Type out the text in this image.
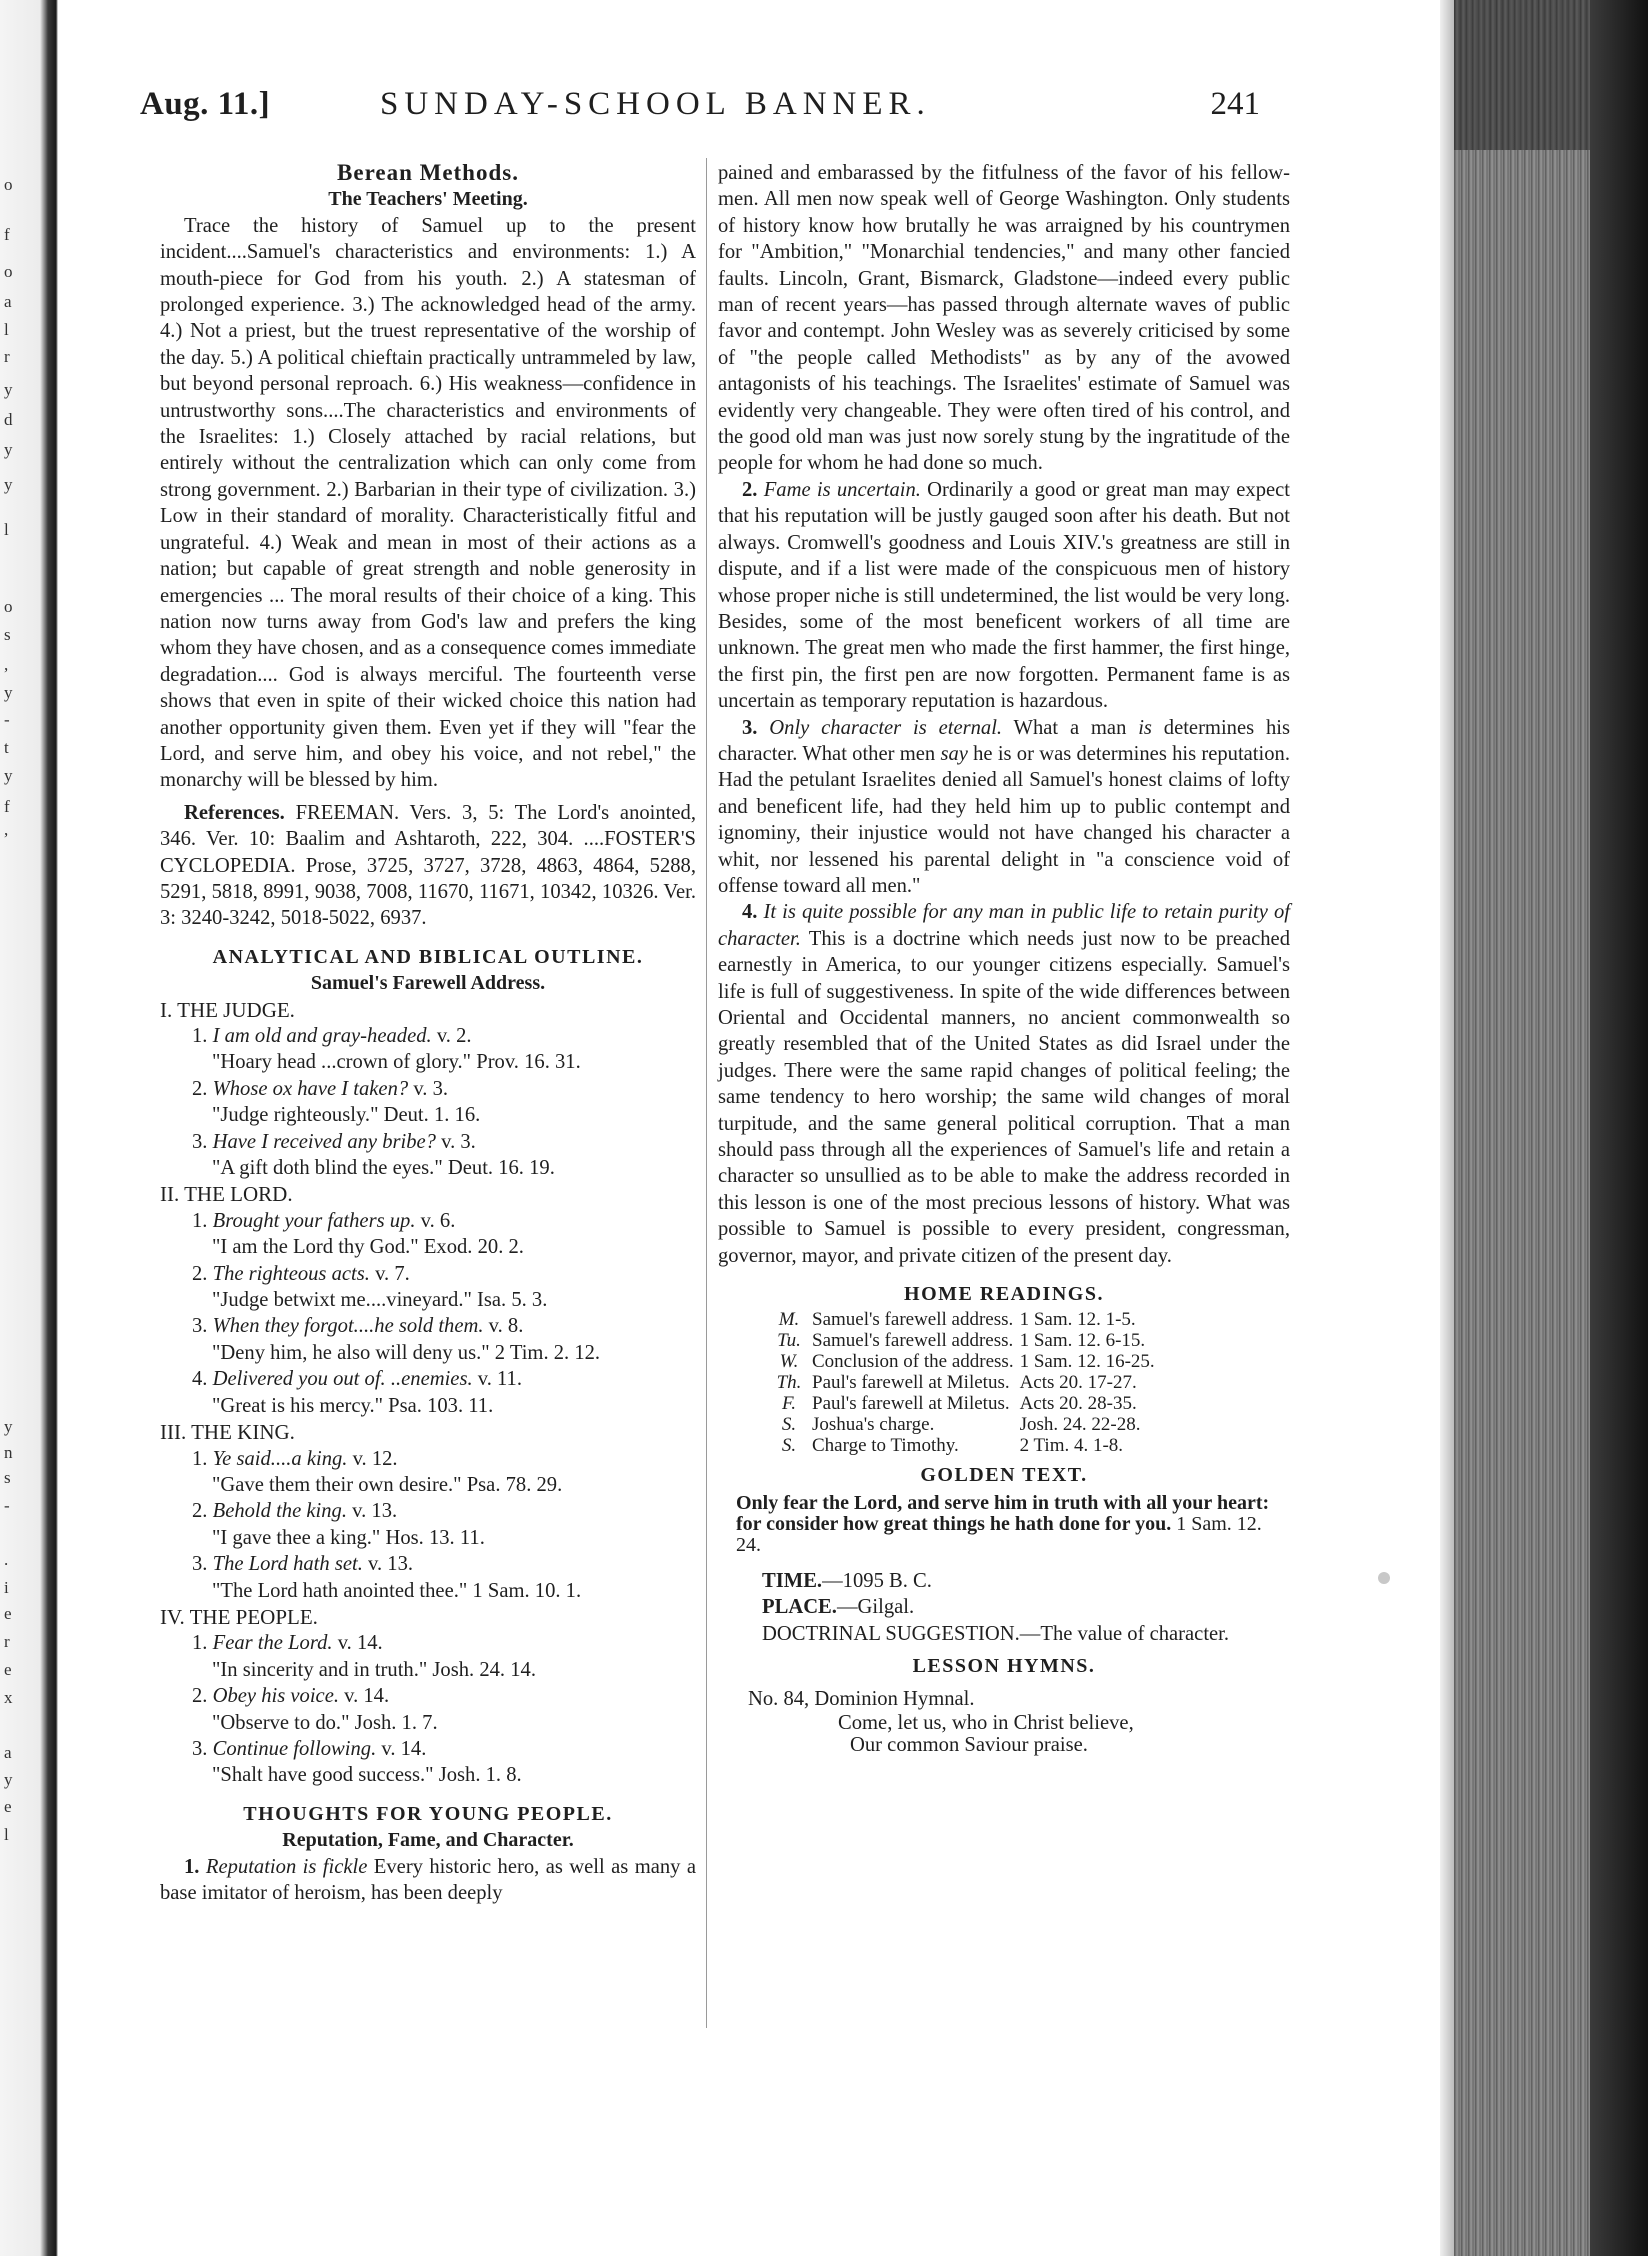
o
f
o
a
l
r
y
d
y
y
l
o
s
,
y
-
t
y
f
,
y
n
s
-
.
i
e
r
e
x
a
y
e
l
Aug. 11.]	SUNDAY-SCHOOL BANNER.	241
Berean Methods.
The Teachers' Meeting.

Trace the history of Samuel up to the present incident....Samuel's characteristics and environments: 1.) A mouth-piece for God from his youth. 2.) A statesman of prolonged experience. 3.) The acknowledged head of the army. 4.) Not a priest, but the truest representative of the worship of the day. 5.) A political chieftain practically untrammeled by law, but beyond personal reproach. 6.) His weakness—confidence in untrustworthy sons....The characteristics and environments of the Israelites: 1.) Closely attached by racial relations, but entirely without the centralization which can only come from strong government. 2.) Barbarian in their type of civilization. 3.) Low in their standard of morality. Characteristically fitful and ungrateful. 4.) Weak and mean in most of their actions as a nation; but capable of great strength and noble generosity in emergencies ... The moral results of their choice of a king. This nation now turns away from God's law and prefers the king whom they have chosen, and as a consequence comes immediate degradation.... God is always merciful. The fourteenth verse shows that even in spite of their wicked choice this nation had another opportunity given them. Even yet if they will "fear the Lord, and serve him, and obey his voice, and not rebel," the monarchy will be blessed by him.

References. FREEMAN. Vers. 3, 5: The Lord's anointed, 346. Ver. 10: Baalim and Ashtaroth, 222, 304. ....FOSTER'S CYCLOPEDIA. Prose, 3725, 3727, 3728, 4863, 4864, 5288, 5291, 5818, 8991, 9038, 7008, 11670, 11671, 10342, 10326. Ver. 3: 3240-3242, 5018-5022, 6937.

ANALYTICAL AND BIBLICAL OUTLINE.
Samuel's Farewell Address.
I. THE JUDGE.
1. I am old and gray-headed. v. 2.
"Hoary head ...crown of glory." Prov. 16. 31.
2. Whose ox have I taken? v. 3.
"Judge righteously." Deut. 1. 16.
3. Have I received any bribe? v. 3.
"A gift doth blind the eyes." Deut. 16. 19.
II. THE LORD.
1. Brought your fathers up. v. 6.
"I am the Lord thy God." Exod. 20. 2.
2. The righteous acts. v. 7.
"Judge betwixt me....vineyard." Isa. 5. 3.
3. When they forgot....he sold them. v. 8.
"Deny him, he also will deny us." 2 Tim. 2. 12.
4. Delivered you out of. ..enemies. v. 11.
"Great is his mercy." Psa. 103. 11.
III. THE KING.
1. Ye said....a king. v. 12.
"Gave them their own desire." Psa. 78. 29.
2. Behold the king. v. 13.
"I gave thee a king." Hos. 13. 11.
3. The Lord hath set. v. 13.
"The Lord hath anointed thee." 1 Sam. 10. 1.
IV. THE PEOPLE.
1. Fear the Lord. v. 14.
"In sincerity and in truth." Josh. 24. 14.
2. Obey his voice. v. 14.
"Observe to do." Josh. 1. 7.
3. Continue following. v. 14.
"Shalt have good success." Josh. 1. 8.
THOUGHTS FOR YOUNG PEOPLE.
Reputation, Fame, and Character.

1. Reputation is fickle Every historic hero, as well as many a base imitator of heroism, has been deeply

pained and embarassed by the fitfulness of the favor of his fellow-men. All men now speak well of George Washington. Only students of history know how brutally he was arraigned by his countrymen for "Ambition," "Monarchial tendencies," and many other fancied faults. Lincoln, Grant, Bismarck, Gladstone—indeed every public man of recent years—has passed through alternate waves of public favor and contempt. John Wesley was as severely criticised by some of "the people called Methodists" as by any of the avowed antagonists of his teachings. The Israelites' estimate of Samuel was evidently very changeable. They were often tired of his control, and the good old man was just now sorely stung by the ingratitude of the people for whom he had done so much.

2. Fame is uncertain. Ordinarily a good or great man may expect that his reputation will be justly gauged soon after his death. But not always. Cromwell's goodness and Louis XIV.'s greatness are still in dispute, and if a list were made of the conspicuous men of history whose proper niche is still undetermined, the list would be very long. Besides, some of the most beneficent workers of all time are unknown. The great men who made the first hammer, the first hinge, the first pin, the first pen are now forgotten. Permanent fame is as uncertain as temporary reputation is hazardous.

3. Only character is eternal. What a man is determines his character. What other men say he is or was determines his reputation. Had the petulant Israelites denied all Samuel's honest claims of lofty and beneficent life, had they held him up to public contempt and ignominy, their injustice would not have changed his character a whit, nor lessened his parental delight in "a conscience void of offense toward all men."

4. It is quite possible for any man in public life to retain purity of character. This is a doctrine which needs just now to be preached earnestly in America, to our younger citizens especially. Samuel's life is full of suggestiveness. In spite of the wide differences between Oriental and Occidental manners, no ancient commonwealth so greatly resembled that of the United States as did Israel under the judges. There were the same rapid changes of political feeling; the same tendency to hero worship; the same wild changes of moral turpitude, and the same general political corruption. That a man should pass through all the experiences of Samuel's life and retain a character so unsullied as to be able to make the address recorded in this lesson is one of the most precious lessons of history. What was possible to Samuel is possible to every president, congressman, governor, mayor, and private citizen of the present day.

HOME READINGS.
M.	Samuel's farewell address.	1 Sam. 12. 1-5.
Tu.	Samuel's farewell address.	1 Sam. 12. 6-15.
W.	Conclusion of the address.	1 Sam. 12. 16-25.
Th.	Paul's farewell at Miletus.	Acts 20. 17-27.
F.	Paul's farewell at Miletus.	Acts 20. 28-35.
S.	Joshua's charge.	Josh. 24. 22-28.
S.	Charge to Timothy.	2 Tim. 4. 1-8.
GOLDEN TEXT.
Only fear the Lord, and serve him in truth with all your heart: for consider how great things he hath done for you. 1 Sam. 12. 24.
TIME.—1095 B. C.
PLACE.—Gilgal.
DOCTRINAL SUGGESTION.—The value of character.
LESSON HYMNS.
No. 84, Dominion Hymnal.
Come, let us, who in Christ believe,
Our common Saviour praise.
